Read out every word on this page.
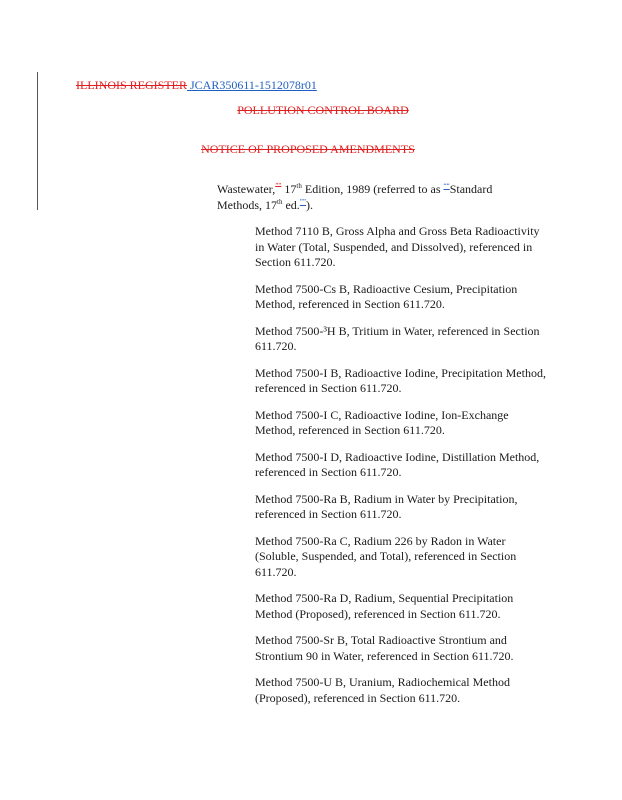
ILLINOIS REGISTER JCAR350611-1512078r01
POLLUTION CONTROL BOARD
NOTICE OF PROPOSED AMENDMENTS
Wastewater,”” 17th Edition, 1989 (referred to as ““Standard Methods, 17th ed.””).

Method 7110 B, Gross Alpha and Gross Beta Radioactivity in Water (Total, Suspended, and Dissolved), referenced in Section 611.720.

Method 7500-Cs B, Radioactive Cesium, Precipitation Method, referenced in Section 611.720.

Method 7500-³H B, Tritium in Water, referenced in Section 611.720.

Method 7500-I B, Radioactive Iodine, Precipitation Method, referenced in Section 611.720.

Method 7500-I C, Radioactive Iodine, Ion-Exchange Method, referenced in Section 611.720.

Method 7500-I D, Radioactive Iodine, Distillation Method, referenced in Section 611.720.

Method 7500-Ra B, Radium in Water by Precipitation, referenced in Section 611.720.

Method 7500-Ra C, Radium 226 by Radon in Water (Soluble, Suspended, and Total), referenced in Section 611.720.

Method 7500-Ra D, Radium, Sequential Precipitation Method (Proposed), referenced in Section 611.720.

Method 7500-Sr B, Total Radioactive Strontium and Strontium 90 in Water, referenced in Section 611.720.

Method 7500-U B, Uranium, Radiochemical Method (Proposed), referenced in Section 611.720.
